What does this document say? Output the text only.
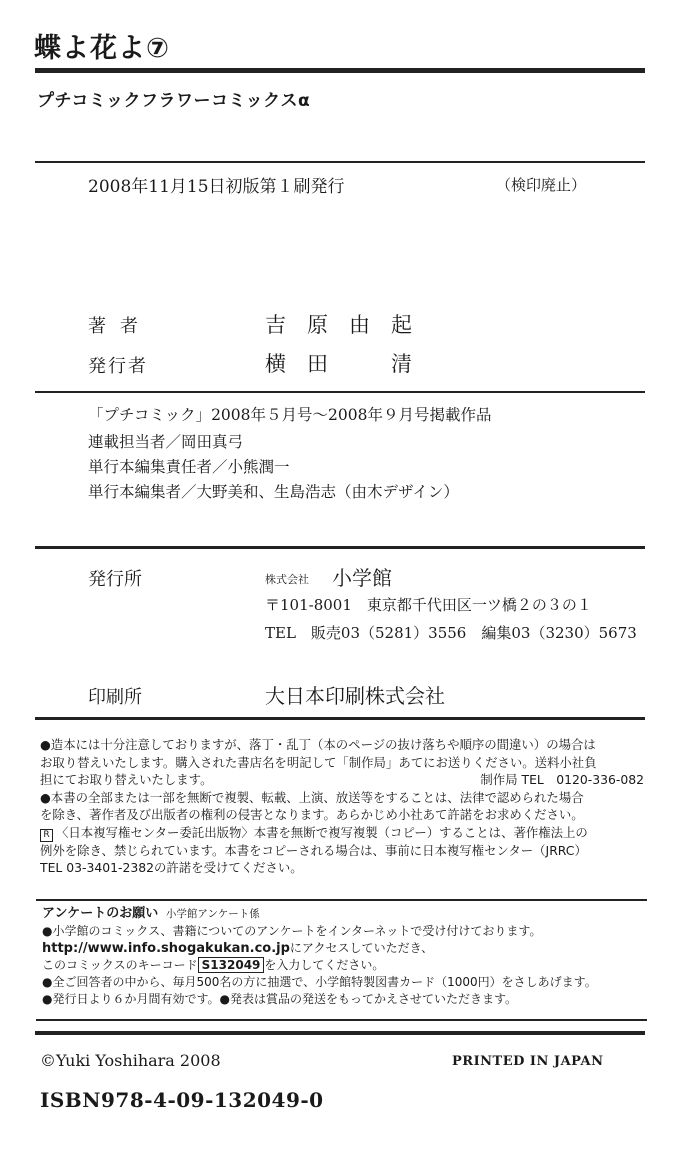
蝶よ花よ⑦
プチコミックフラワーコミックスα
2008年11月15日初版第１刷発行	（検印廃止）
著者	吉　原　由　起
発行者	横　田　　　清
「プチコミック」2008年５月号〜2008年９月号掲載作品
連載担当者／岡田真弓
単行本編集責任者／小熊潤一
単行本編集者／大野美和、生島浩志（由木デザイン）
発行所	株式会社 小学館
〒101-8001　東京都千代田区一ツ橋２の３の１
TEL　販売03（5281）3556　編集03（3230）5673
印刷所	大日本印刷株式会社
●造本には十分注意しておりますが、落丁・乱丁（本のページの抜け落ちや順序の間違い）の場合は
お取り替えいたします。購入された書店名を明記して「制作局」あてにお送りください。送料小社負
担にてお取り替えいたします。	制作局 TEL　0120-336-082
●本書の全部または一部を無断で複製、転載、上演、放送等をすることは、法律で認められた場合
を除き、著作者及び出版者の権利の侵害となります。あらかじめ小社あて許諾をお求めください。
R 〈日本複写権センター委託出版物〉本書を無断で複写複製（コピー）することは、著作権法上の
例外を除き、禁じられています。本書をコピーされる場合は、事前に日本複写権センター（JRRC）
TEL 03-3401-2382の許諾を受けてください。
アンケートのお願い 小学館アンケート係
●小学館のコミックス、書籍についてのアンケートをインターネットで受け付けております。
http://www.info.shogakukan.co.jpにアクセスしていただき、
このコミックスのキーコード S132049 を入力してください。
●全ご回答者の中から、毎月500名の方に抽選で、小学館特製図書カード（1000円）をさしあげます。
●発行日より６か月間有効です。●発表は賞品の発送をもってかえさせていただきます。
©Yuki Yoshihara 2008	PRINTED IN JAPAN
ISBN978-4-09-132049-0
